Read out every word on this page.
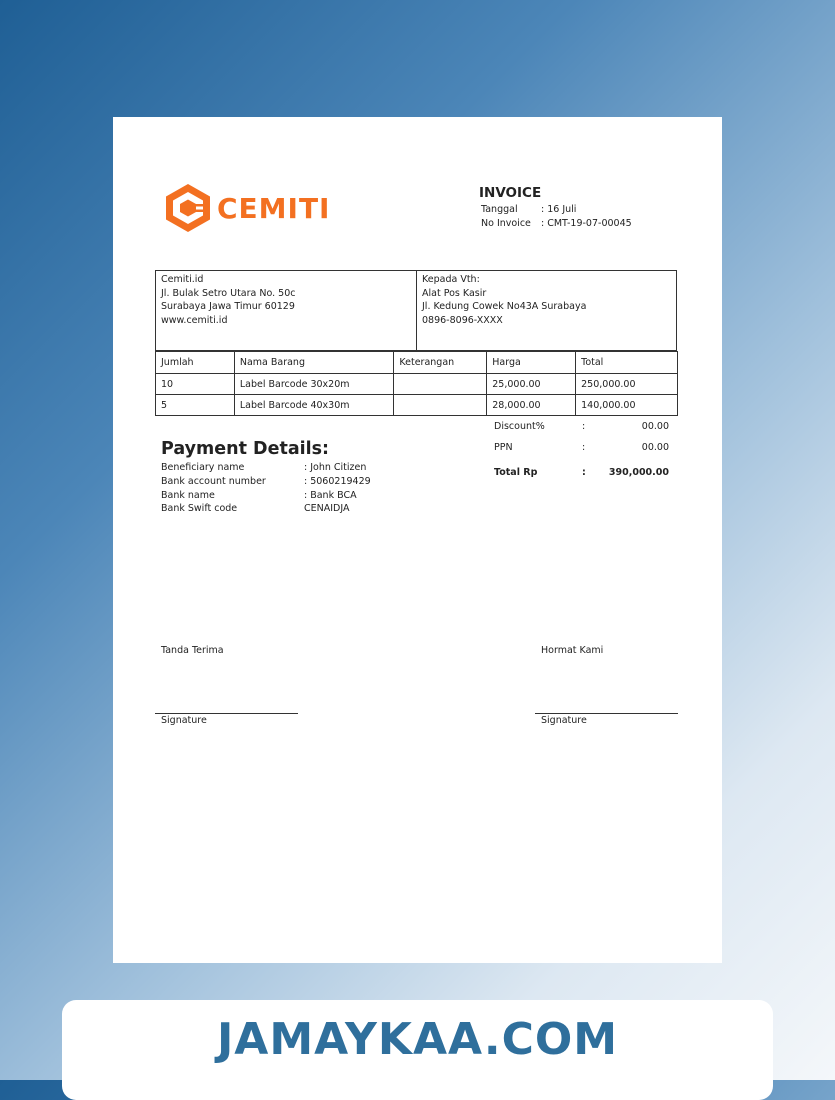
CEMITI	INVOICE
Tanggal : 16 Juli
No Invoice : CMT-19-07-00045
Cemiti.id
Jl. Bulak Setro Utara No. 50c
Surabaya Jawa Timur 60129
www.cemiti.id
Kepada Vth:
Alat Pos Kasir
Jl. Kedung Cowek No43A Surabaya
0896-8096-XXXX
Jumlah	Nama Barang	Keterangan	Harga	Total
10	Label Barcode 30x20m		25,000.00	250,000.00
5	Label Barcode 40x30m		28,000.00	140,000.00
Discount%	:	00.00
PPN	:	00.00
Total Rp	: 390,000.00
Payment Details:
Beneficiary name	: John Citizen
Bank account number	: 5060219429
Bank name	: Bank BCA
Bank Swift code	CENAIDJA
Tanda Terima	Hormat Kami
Signature	Signature
JAMAYKAA.COM
